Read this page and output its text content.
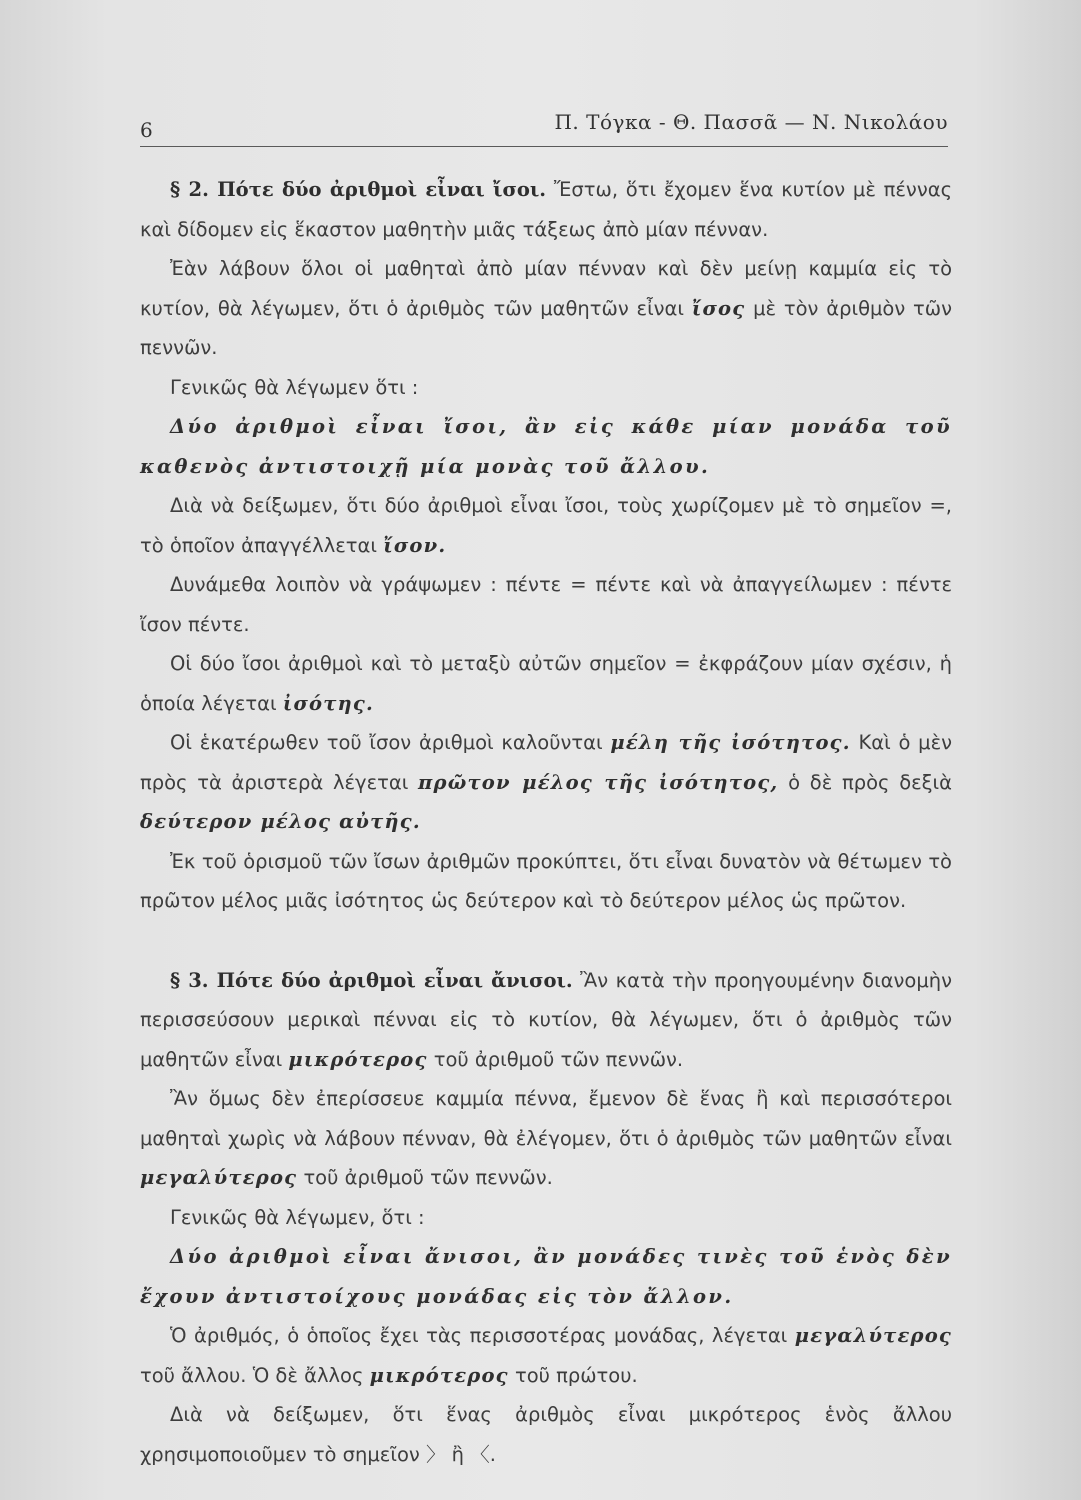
6	Π. Τόγκα - Θ. Πασσᾶ — Ν. Νικολάου

§ 2. Πότε δύο ἀριθμοὶ εἶναι ἴσοι. Ἔστω, ὅτι ἔχομεν ἕνα κυτίον μὲ πέννας καὶ δίδομεν εἰς ἕκαστον μαθητὴν μιᾶς τάξεως ἀπὸ μίαν πένναν.

Ἐὰν λάβουν ὅλοι οἱ μαθηταὶ ἀπὸ μίαν πένναν καὶ δὲν μείνῃ καμμία εἰς τὸ κυτίον, θὰ λέγωμεν, ὅτι ὁ ἀριθμὸς τῶν μαθητῶν εἶναι ἴσος μὲ τὸν ἀριθμὸν τῶν πεννῶν.

Γενικῶς θὰ λέγωμεν ὅτι :

Δύο ἀριθμοὶ εἶναι ἴσοι, ἂν εἰς κάθε μίαν μονάδα τοῦ καθενὸς ἀντιστοιχῇ μία μονὰς τοῦ ἄλλου.

Διὰ νὰ δείξωμεν, ὅτι δύο ἀριθμοὶ εἶναι ἴσοι, τοὺς χωρίζομεν μὲ τὸ σημεῖον =, τὸ ὁποῖον ἀπαγγέλλεται ἴσον.

Δυνάμεθα λοιπὸν νὰ γράψωμεν : πέντε = πέντε καὶ νὰ ἀπαγγείλωμεν : πέντε ἴσον πέντε.

Οἱ δύο ἴσοι ἀριθμοὶ καὶ τὸ μεταξὺ αὐτῶν σημεῖον = ἐκφράζουν μίαν σχέσιν, ἡ ὁποία λέγεται ἰσότης.

Οἱ ἑκατέρωθεν τοῦ ἴσον ἀριθμοὶ καλοῦνται μέλη τῆς ἰσότητος. Καὶ ὁ μὲν πρὸς τὰ ἀριστερὰ λέγεται πρῶτον μέλος τῆς ἰσότητος, ὁ δὲ πρὸς δεξιὰ δεύτερον μέλος αὐτῆς.

Ἐκ τοῦ ὁρισμοῦ τῶν ἴσων ἀριθμῶν προκύπτει, ὅτι εἶναι δυνατὸν νὰ θέτωμεν τὸ πρῶτον μέλος μιᾶς ἰσότητος ὡς δεύτερον καὶ τὸ δεύτερον μέλος ὡς πρῶτον.

§ 3. Πότε δύο ἀριθμοὶ εἶναι ἄνισοι. Ἂν κατὰ τὴν προηγουμένην διανομὴν περισσεύσουν μερικαὶ πένναι εἰς τὸ κυτίον, θὰ λέγωμεν, ὅτι ὁ ἀριθμὸς τῶν μαθητῶν εἶναι μικρότερος τοῦ ἀριθμοῦ τῶν πεννῶν.

Ἂν ὅμως δὲν ἐπερίσσευε καμμία πέννα, ἔμενον δὲ ἕνας ἢ καὶ περισσότεροι μαθηταὶ χωρὶς νὰ λάβουν πένναν, θὰ ἐλέγομεν, ὅτι ὁ ἀριθμὸς τῶν μαθητῶν εἶναι μεγαλύτερος τοῦ ἀριθμοῦ τῶν πεννῶν.

Γενικῶς θὰ λέγωμεν, ὅτι :

Δύο ἀριθμοὶ εἶναι ἄνισοι, ἂν μονάδες τινὲς τοῦ ἑνὸς δὲν ἔχουν ἀντιστοίχους μονάδας εἰς τὸν ἄλλον.

Ὁ ἀριθμός, ὁ ὁποῖος ἔχει τὰς περισσοτέρας μονάδας, λέγεται μεγαλύτερος τοῦ ἄλλου. Ὁ δὲ ἄλλος μικρότερος τοῦ πρώτου.

Διὰ νὰ δείξωμεν, ὅτι ἕνας ἀριθμὸς εἶναι μικρότερος ἑνὸς ἄλλου χρησιμοποιοῦμεν τὸ σημεῖον 〉 ἢ 〈.
